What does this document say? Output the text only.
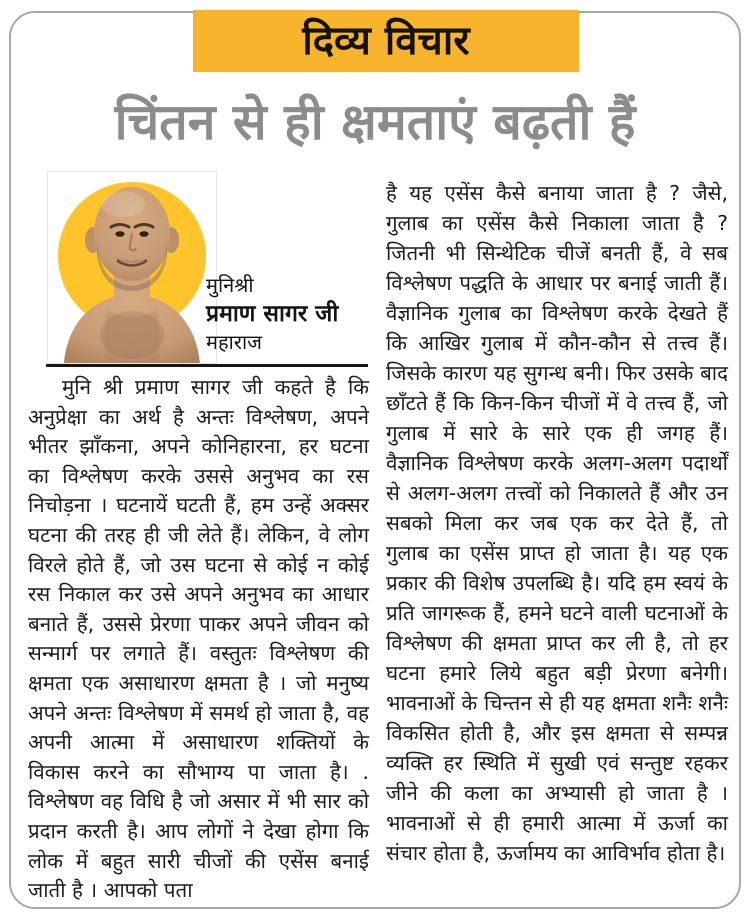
दिव्य विचार
चिंतन से ही क्षमताएं बढ़ती हैं
मुनिश्री
प्रमाण सागर जी
महाराज
मुनि श्री प्रमाण सागर जी कहते है कि अनुप्रेक्षा का अर्थ है अन्तः विश्लेषण, अपने भीतर झाँकना, अपने कोनिहारना, हर घटना का विश्लेषण करके उससे अनुभव का रस निचोड़ना । घटनायें घटती हैं, हम उन्हें अक्सर घटना की तरह ही जी लेते हैं। लेकिन, वे लोग विरले होते हैं, जो उस घटना से कोई न कोई रस निकाल कर उसे अपने अनुभव का आधार बनाते हैं, उससे प्रेरणा पाकर अपने जीवन को सन्मार्ग पर लगाते हैं। वस्तुतः विश्लेषण की क्षमता एक असाधारण क्षमता है । जो मनुष्य अपने अन्तः विश्लेषण में समर्थ हो जाता है, वह अपनी आत्मा में असाधारण शक्तियों के विकास करने का सौभाग्य पा जाता है। . विश्लेषण वह विधि है जो असार में भी सार को प्रदान करती है। आप लोगों ने देखा होगा कि लोक में बहुत सारी चीजों की एसेंस बनाई जाती है । आपको पता
है यह एसेंस कैसे बनाया जाता है ? जैसे, गुलाब का एसेंस कैसे निकाला जाता है ? जितनी भी सिन्थेटिक चीजें बनती हैं, वे सब विश्लेषण पद्धति के आधार पर बनाई जाती हैं। वैज्ञानिक गुलाब का विश्लेषण करके देखते हैं कि आखिर गुलाब में कौन-कौन से तत्त्व हैं। जिसके कारण यह सुगन्ध बनी। फिर उसके बाद छाँटते हैं कि किन-किन चीजों में वे तत्त्व हैं, जो गुलाब में सारे के सारे एक ही जगह हैं। वैज्ञानिक विश्लेषण करके अलग-अलग पदार्थों से अलग-अलग तत्त्वों को निकालते हैं और उन सबको मिला कर जब एक कर देते हैं, तो गुलाब का एसेंस प्राप्त हो जाता है। यह एक प्रकार की विशेष उपलब्धि है। यदि हम स्वयं के प्रति जागरूक हैं, हमने घटने वाली घटनाओं के विश्लेषण की क्षमता प्राप्त कर ली है, तो हर घटना हमारे लिये बहुत बड़ी प्रेरणा बनेगी। भावनाओं के चिन्तन से ही यह क्षमता शनैः शनैः विकसित होती है, और इस क्षमता से सम्पन्न व्यक्ति हर स्थिति में सुखी एवं सन्तुष्ट रहकर जीने की कला का अभ्यासी हो जाता है । भावनाओं से ही हमारी आत्मा में ऊर्जा का संचार होता है, ऊर्जामय का आविर्भाव होता है।
